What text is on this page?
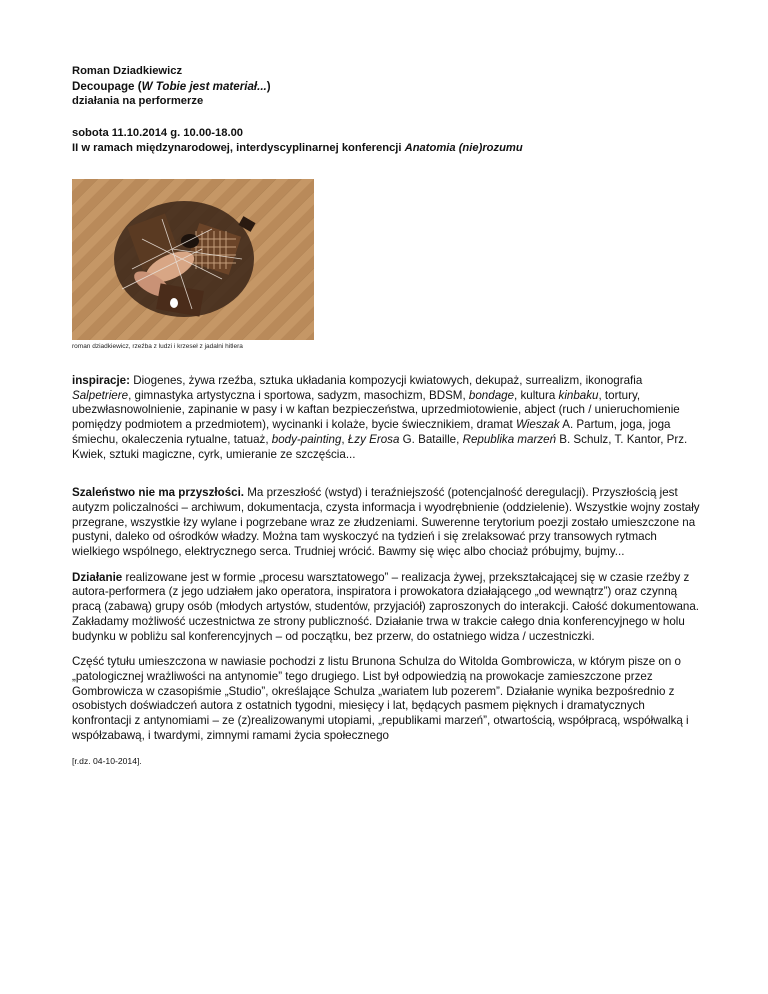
Roman Dziadkiewicz

Decoupage (W Tobie jest materiał...)

działania na performerze

sobota 11.10.2014 g. 10.00-18.00

II w ramach międzynarodowej, interdyscyplinarnej konferencji Anatomia (nie)rozumu

roman dziadkiewicz, rzeźba z ludzi i krzeseł z jadalni hitlera

inspiracje: Diogenes, żywa rzeźba, sztuka układania kompozycji kwiatowych, dekupaż, surrealizm, ikonografia Salpetriere, gimnastyka artystyczna i sportowa, sadyzm, masochizm, BDSM, bondage, kultura kinbaku, tortury, ubezwłasnowolnienie, zapinanie w pasy i w kaftan bezpieczeństwa, uprzedmiotowienie, abject (ruch / unieruchomienie pomiędzy podmiotem a przedmiotem), wycinanki i kolaże, bycie świecznikiem, dramat Wieszak A. Partum, joga, joga śmiechu, okaleczenia rytualne, tatuaż, body-painting, Łzy Erosa G. Bataille, Republika marzeń B. Schulz, T. Kantor, Prz. Kwiek, sztuki magiczne, cyrk, umieranie ze szczęścia...

Szaleństwo nie ma przyszłości. Ma przeszłość (wstyd) i teraźniejszość (potencjalność deregulacji). Przyszłością jest autyzm policzalności – archiwum, dokumentacja, czysta informacja i wyodrębnienie (oddzielenie). Wszystkie wojny zostały przegrane, wszystkie łzy wylane i pogrzebane wraz ze złudzeniami. Suwerenne terytorium poezji zostało umieszczone na pustyni, daleko od ośrodków władzy. Można tam wyskoczyć na tydzień i się zrelaksować przy transowych rytmach wielkiego wspólnego, elektrycznego serca. Trudniej wrócić. Bawmy się więc albo chociaż próbujmy, bujmy...

Działanie realizowane jest w formie „procesu warsztatowego” – realizacja żywej, przekształcającej się w czasie rzeźby z autora-performera (z jego udziałem jako operatora, inspiratora i prowokatora działającego „od wewnątrz”) oraz czynną pracą (zabawą) grupy osób (młodych artystów, studentów, przyjaciół) zaproszonych do interakcji. Całość dokumentowana. Zakładamy możliwość uczestnictwa ze strony publiczność. Działanie trwa w trakcie całego dnia konferencyjnego w holu budynku w pobliżu sal konferencyjnych – od początku, bez przerw, do ostatniego widza / uczestniczki.

Część tytułu umieszczona w nawiasie pochodzi z listu Brunona Schulza do Witolda Gombrowicza, w którym pisze on o „patologicznej wrażliwości na antynomie” tego drugiego. List był odpowiedzią na prowokacje zamieszczone przez Gombrowicza w czasopiśmie „Studio”, określające Schulza „wariatem lub pozerem”. Działanie wynika bezpośrednio z osobistych doświadczeń autora z ostatnich tygodni, miesięcy i lat, będących pasmem pięknych i dramatycznych konfrontacji z antynomiami – ze (z)realizowanymi utopiami, „republikami marzeń”, otwartością, współpracą, współwalką i współzabawą, i twardymi, zimnymi ramami życia społecznego

[r.dz. 04-10-2014].
